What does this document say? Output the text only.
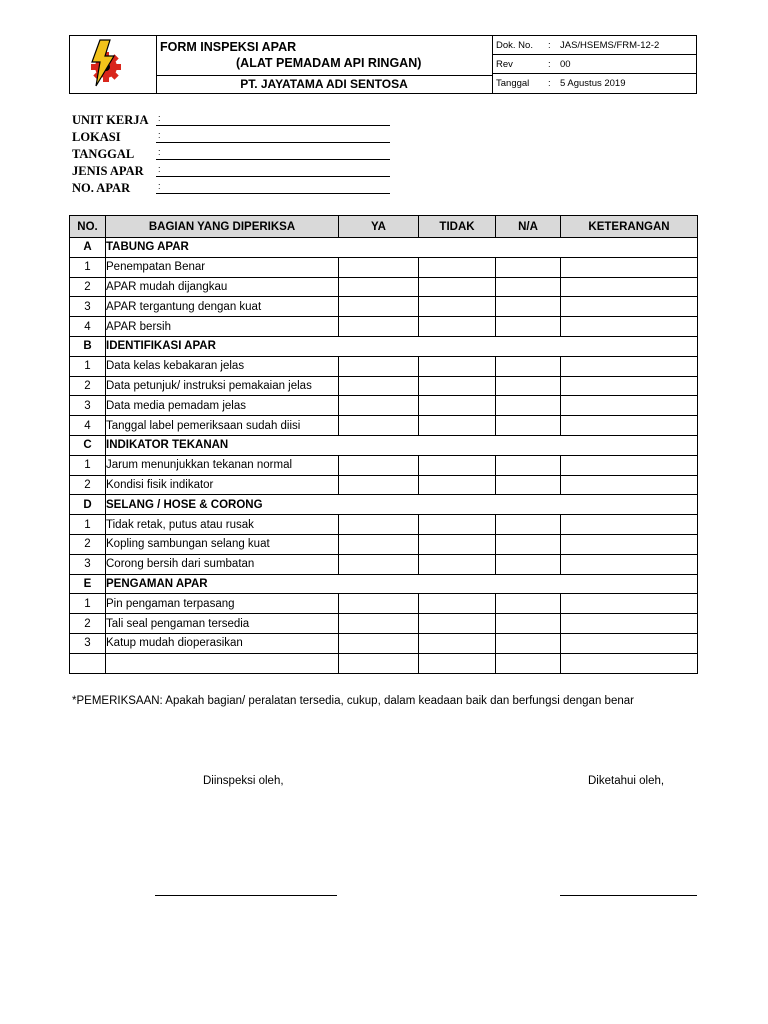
FORM INSPEKSI APAR
(ALAT PEMADAM API RINGAN)
PT. JAYATAMA ADI SENTOSA
Dok. No. : JAS/HSEMS/FRM-12-2
Rev	: 00
Tanggal : 5 Agustus 2019
UNIT KERJA :
LOKASI	:
TANGGAL	:
JENIS APAR :
NO. APAR	:
NO.	BAGIAN YANG DIPERIKSA	YA	TIDAK	N/A	KETERANGAN
A	TABUNG APAR				
1	Penempatan Benar				
2	APAR mudah dijangkau				
3	APAR tergantung dengan kuat				
4	APAR bersih				
B	IDENTIFIKASI APAR				
1	Data kelas kebakaran jelas				
2	Data petunjuk/ instruksi pemakaian jelas				
3	Data media pemadam jelas				
4	Tanggal label pemeriksaan sudah diisi				
C	INDIKATOR TEKANAN				
1	Jarum menunjukkan tekanan normal				
2	Kondisi fisik indikator				
D	SELANG / HOSE & CORONG				
1	Tidak retak, putus atau rusak				
2	Kopling sambungan selang kuat				
3	Corong bersih dari sumbatan				
E	PENGAMAN APAR				
1	Pin pengaman terpasang				
2	Tali seal pengaman tersedia				
3	Katup mudah dioperasikan				

*PEMERIKSAAN: Apakah bagian/ peralatan tersedia, cukup, dalam keadaan baik dan berfungsi dengan benar
Diinspeksi oleh,	Diketahui oleh,
